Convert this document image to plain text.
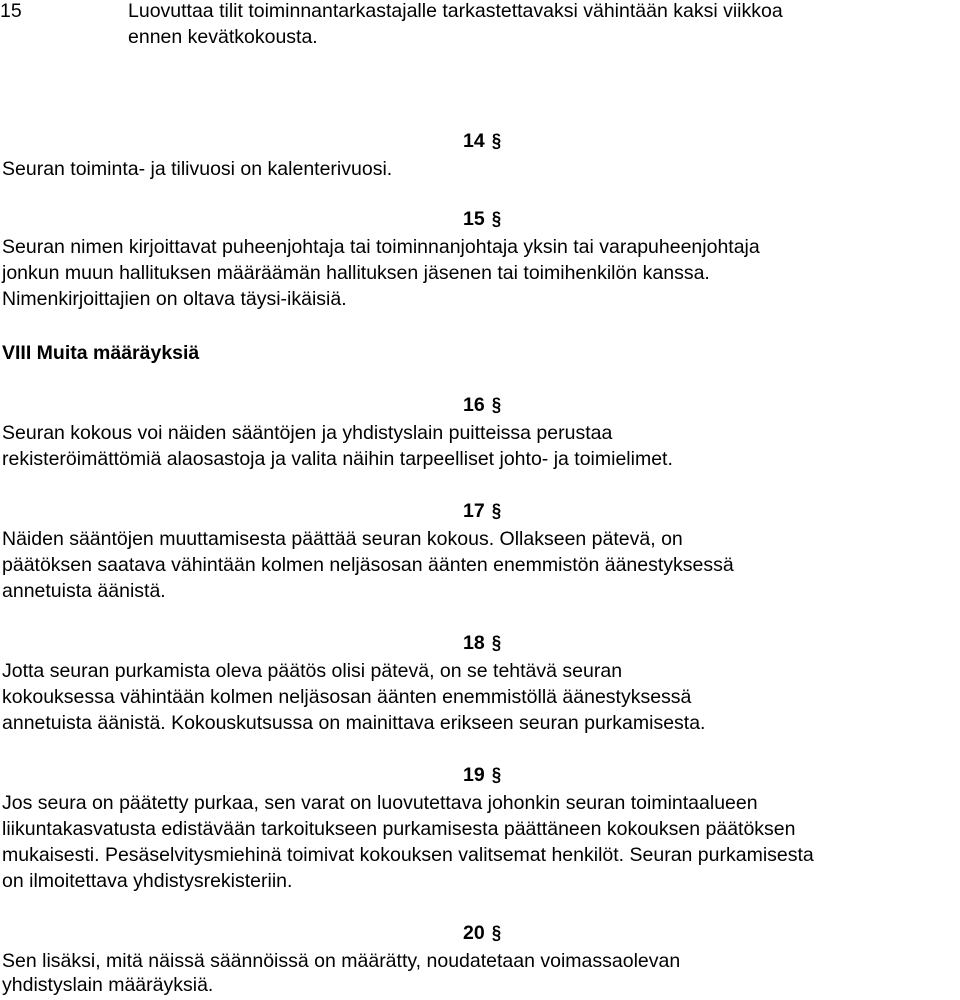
15	Luovuttaa tilit toiminnantarkastajalle tarkastettavaksi vähintään kaksi viikkoa
ennen kevätkokousta.
14 §
Seuran toiminta- ja tilivuosi on kalenterivuosi.
15 §
Seuran nimen kirjoittavat puheenjohtaja tai toiminnanjohtaja yksin tai varapuheenjohtaja
jonkun muun hallituksen määräämän hallituksen jäsenen tai toimihenkilön kanssa.
Nimenkirjoittajien on oltava täysi-ikäisiä.
VIII Muita määräyksiä
16 §
Seuran kokous voi näiden sääntöjen ja yhdistyslain puitteissa perustaa
rekisteröimättömiä alaosastoja ja valita näihin tarpeelliset johto- ja toimielimet.
17 §
Näiden sääntöjen muuttamisesta päättää seuran kokous. Ollakseen pätevä, on
päätöksen saatava vähintään kolmen neljäsosan äänten enemmistön äänestyksessä
annetuista äänistä.
18 §
Jotta seuran purkamista oleva päätös olisi pätevä, on se tehtävä seuran
kokouksessa vähintään kolmen neljäsosan äänten enemmistöllä äänestyksessä
annetuista äänistä. Kokouskutsussa on mainittava erikseen seuran purkamisesta.
19 §
Jos seura on päätetty purkaa, sen varat on luovutettava johonkin seuran toimintaalueen
liikuntakasvatusta edistävään tarkoitukseen purkamisesta päättäneen kokouksen päätöksen
mukaisesti. Pesäselvitysmiehinä toimivat kokouksen valitsemat henkilöt. Seuran purkamisesta
on ilmoitettava yhdistysrekisteriin.
20 §
Sen lisäksi, mitä näissä säännöissä on määrätty, noudatetaan voimassaolevan
yhdistyslain määräyksiä.
